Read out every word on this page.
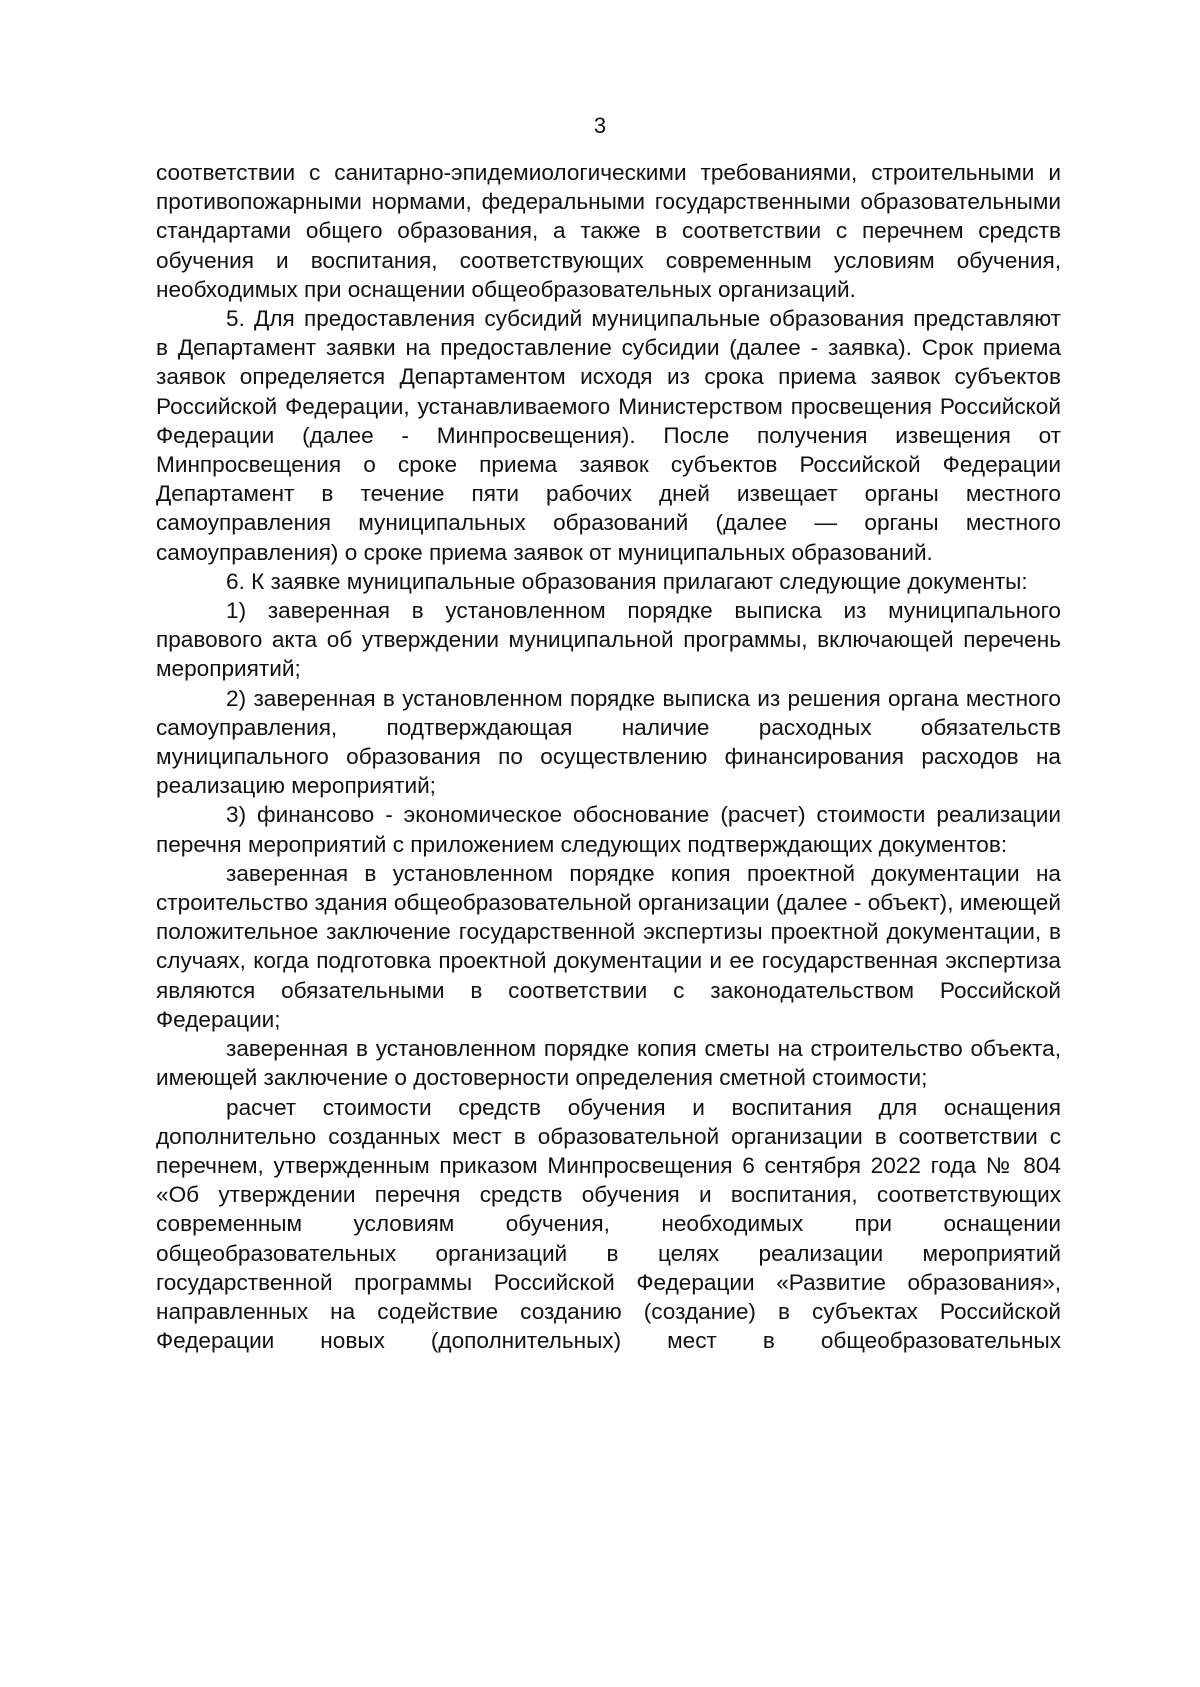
3

соответствии с санитарно-эпидемиологическими требованиями, строительными и противопожарными нормами, федеральными государственными образовательными стандартами общего образования, а также в соответствии с перечнем средств обучения и воспитания, соответствующих современным условиям обучения, необходимых при оснащении общеобразовательных организаций.

5. Для предоставления субсидий муниципальные образования представляют в Департамент заявки на предоставление субсидии (далее - заявка). Срок приема заявок определяется Департаментом исходя из срока приема заявок субъектов Российской Федерации, устанавливаемого Министерством просвещения Российской Федерации (далее - Минпросвещения). После получения извещения от Минпросвещения о сроке приема заявок субъектов Российской Федерации Департамент в течение пяти рабочих дней извещает органы местного самоуправления муниципальных образований (далее — органы местного самоуправления) о сроке приема заявок от муниципальных образований.

6. К заявке муниципальные образования прилагают следующие документы:

1) заверенная в установленном порядке выписка из муниципального правового акта об утверждении муниципальной программы, включающей перечень мероприятий;

2) заверенная в установленном порядке выписка из решения органа местного самоуправления, подтверждающая наличие расходных обязательств муниципального образования по осуществлению финансирования расходов на реализацию мероприятий;

3) финансово - экономическое обоснование (расчет) стоимости реализации перечня мероприятий с приложением следующих подтверждающих документов:

заверенная в установленном порядке копия проектной документации на строительство здания общеобразовательной организации (далее - объект), имеющей положительное заключение государственной экспертизы проектной документации, в случаях, когда подготовка проектной документации и ее государственная экспертиза являются обязательными в соответствии с законодательством Российской Федерации;

заверенная в установленном порядке копия сметы на строительство объекта, имеющей заключение о достоверности определения сметной стоимости;

расчет стоимости средств обучения и воспитания для оснащения дополнительно созданных мест в образовательной организации в соответствии с перечнем, утвержденным приказом Минпросвещения 6 сентября 2022 года № 804 «Об утверждении перечня средств обучения и воспитания, соответствующих современным условиям обучения, необходимых при оснащении общеобразовательных организаций в целях реализации мероприятий государственной программы Российской Федерации «Развитие образования», направленных на содействие созданию (создание) в субъектах Российской Федерации новых (дополнительных) мест в общеобразовательных
